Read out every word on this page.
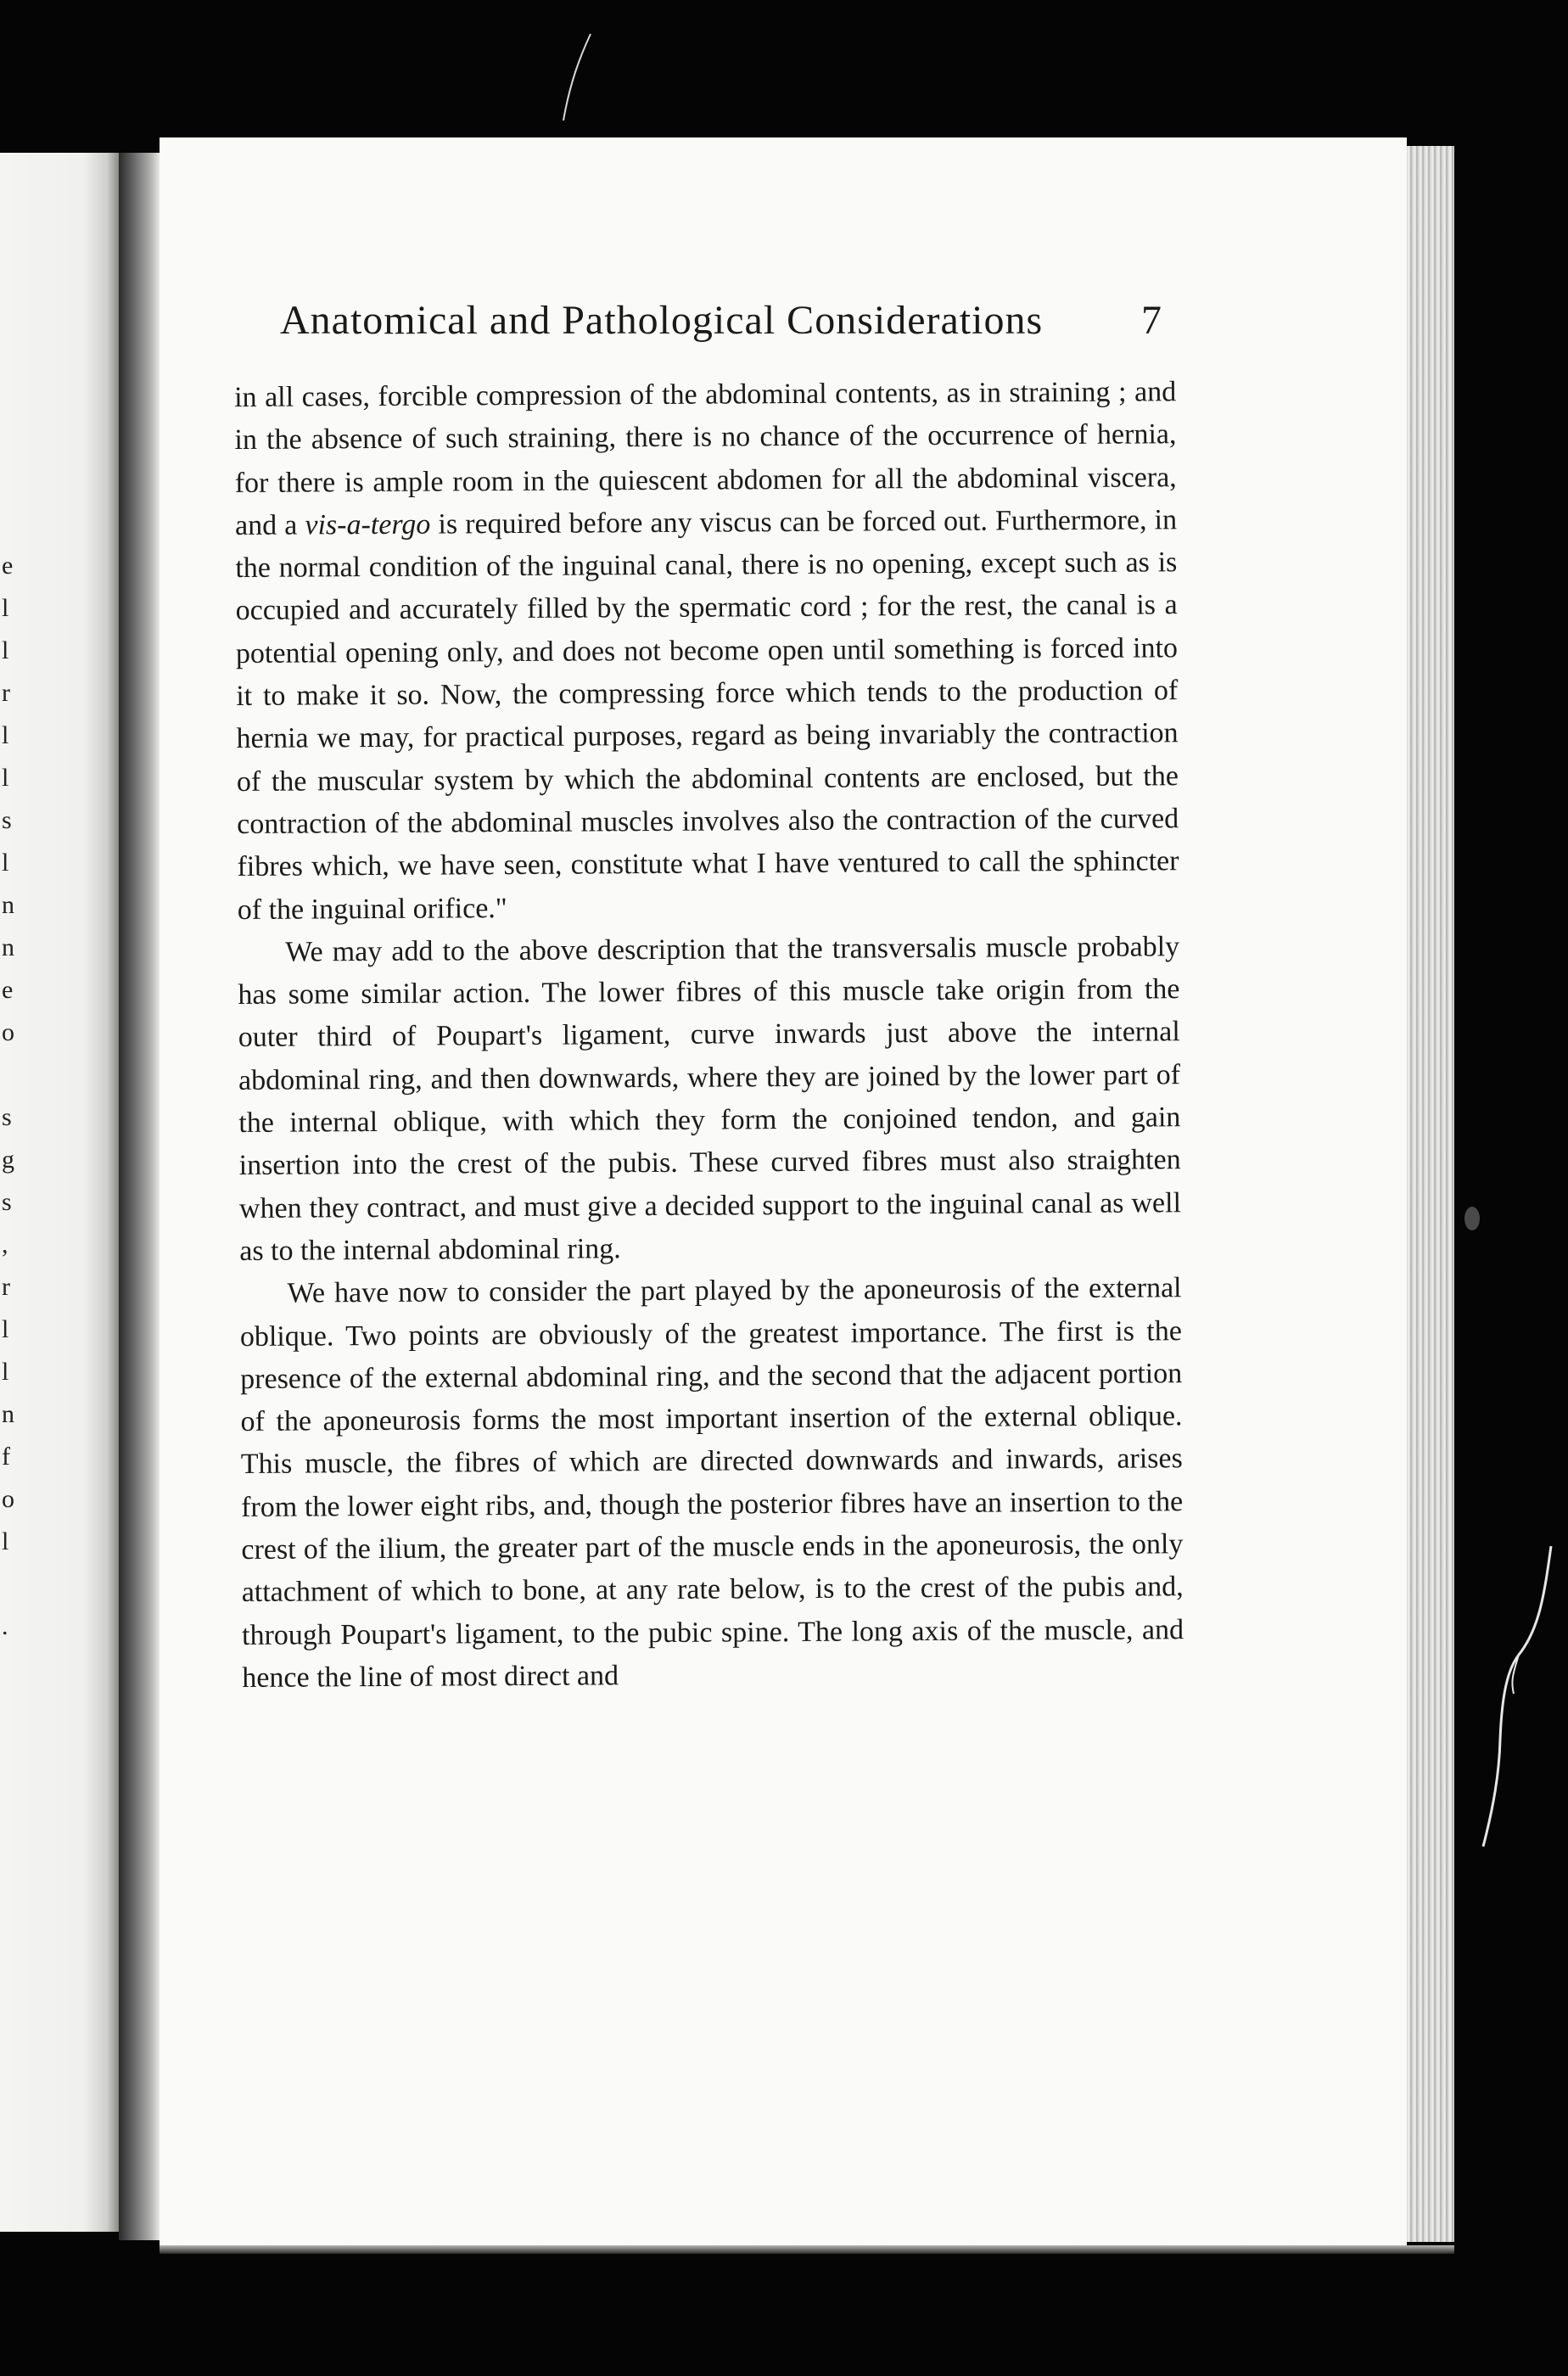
e
l
l
r
l
l
s
l
n
n
e
o
s
g
s
,
r
l
l
n
f
o
l
.
Anatomical and Pathological Considerations 7

in all cases, forcible compression of the abdominal contents, as in straining ; and in the absence of such straining, there is no chance of the occurrence of hernia, for there is ample room in the quiescent abdomen for all the abdominal viscera, and a vis-a-tergo is required before any viscus can be forced out. Furthermore, in the normal condition of the inguinal canal, there is no opening, except such as is occupied and accurately filled by the spermatic cord ; for the rest, the canal is a potential opening only, and does not become open until something is forced into it to make it so. Now, the compressing force which tends to the production of hernia we may, for practical purposes, regard as being invariably the contraction of the muscular system by which the abdominal contents are enclosed, but the contraction of the abdominal muscles involves also the contraction of the curved fibres which, we have seen, constitute what I have ventured to call the sphincter of the inguinal orifice."

We may add to the above description that the transversalis muscle probably has some similar action. The lower fibres of this muscle take origin from the outer third of Poupart's ligament, curve inwards just above the internal abdominal ring, and then downwards, where they are joined by the lower part of the internal oblique, with which they form the conjoined tendon, and gain insertion into the crest of the pubis. These curved fibres must also straighten when they contract, and must give a decided support to the inguinal canal as well as to the internal abdominal ring.

We have now to consider the part played by the aponeurosis of the external oblique. Two points are obviously of the greatest importance. The first is the presence of the external abdominal ring, and the second that the adjacent portion of the aponeurosis forms the most important insertion of the external oblique. This muscle, the fibres of which are directed downwards and inwards, arises from the lower eight ribs, and, though the posterior fibres have an insertion to the crest of the ilium, the greater part of the muscle ends in the aponeurosis, the only attachment of which to bone, at any rate below, is to the crest of the pubis and, through Poupart's ligament, to the pubic spine. The long axis of the muscle, and hence the line of most direct and
